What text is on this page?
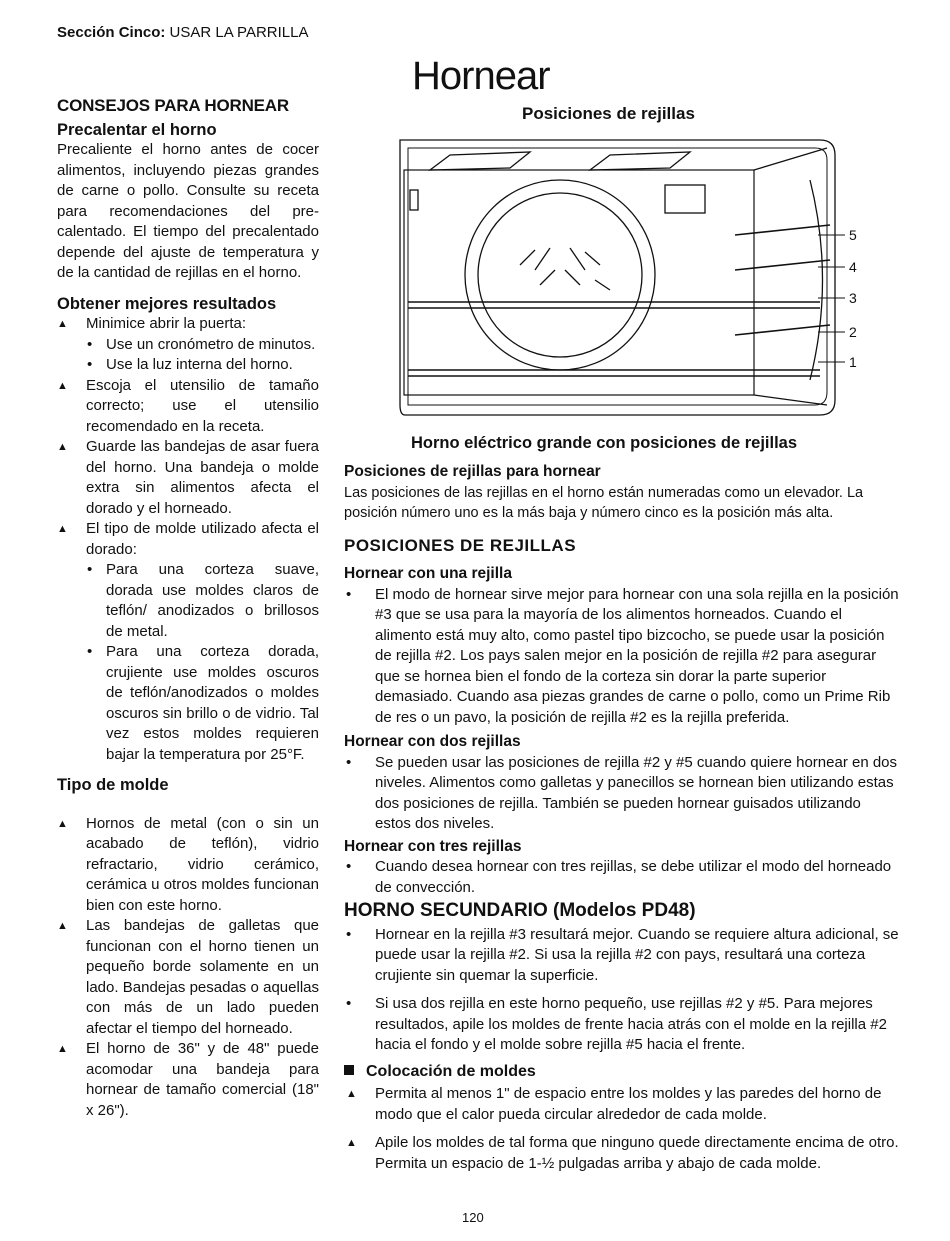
Sección Cinco: USAR LA PARRILLA
Hornear
CONSEJOS PARA HORNEAR
Precalentar el horno

Precaliente el horno antes de cocer alimentos, incluyendo piezas grandes de carne o pollo. Consulte su receta para recomendaciones del pre-calentado. El tiempo del precalentado depende del ajuste de temperatura y de la cantidad de rejillas en el horno.

Obtener mejores resultados

▲ Minimice abrir la puerta:

• Use un cronómetro de minutos.

• Use la luz interna del horno.

▲ Escoja el utensilio de tamaño correcto; use el utensilio recomendado en la receta.

▲ Guarde las bandejas de asar fuera del horno. Una bandeja o molde extra sin alimentos afecta el dorado y el horneado.

▲ El tipo de molde utilizado afecta el dorado:

• Para una corteza suave, dorada use moldes claros de teflón/ anodizados o brillosos de metal.

• Para una corteza dorada, crujiente use moldes oscuros de teflón/anodizados o moldes oscuros sin brillo o de vidrio. Tal vez estos moldes requieren bajar la temperatura por 25°F.

Tipo de molde

▲ Hornos de metal (con o sin un acabado de teflón), vidrio refractario, vidrio cerámico, cerámica u otros moldes funcionan bien con este horno.

▲ Las bandejas de galletas que funcionan con el horno tienen un pequeño borde solamente en un lado. Bandejas pesadas o aquellas con más de un lado pueden afectar el tiempo del horneado.

▲ El horno de 36" y de 48" puede acomodar una bandeja para hornear de tamaño comercial (18" x 26").

Posiciones de rejillas
5
4
3
2
1
Horno eléctrico grande con posiciones de rejillas
Posiciones de rejillas para hornear
Las posiciones de las rejillas en el horno están numeradas como un elevador. La posición número uno es la más baja y número cinco es la posición más alta.
POSICIONES DE REJILLAS
Hornear con una rejilla
• El modo de hornear sirve mejor para hornear con una sola rejilla en la posición #3 que se usa para la mayoría de los alimentos horneados. Cuando el alimento está muy alto, como pastel tipo bizcocho, se puede usar la posición de rejilla #2. Los pays salen mejor en la posición de rejilla #2 para asegurar que se hornea bien el fondo de la corteza sin dorar la parte superior demasiado. Cuando asa piezas grandes de carne o pollo, como un Prime Rib de res o un pavo, la posición de rejilla #2 es la rejilla preferida.
Hornear con dos rejillas
• Se pueden usar las posiciones de rejilla #2 y #5 cuando quiere hornear en dos niveles. Alimentos como galletas y panecillos se hornean bien utilizando estas dos posiciones de rejilla. También se pueden hornear guisados utilizando estos dos niveles.
Hornear con tres rejillas
• Cuando desea hornear con tres rejillas, se debe utilizar el modo del horneado de convección.
HORNO SECUNDARIO (Modelos PD48)
• Hornear en la rejilla #3 resultará mejor. Cuando se requiere altura adicional, se puede usar la rejilla #2. Si usa la rejilla #2 con pays, resultará una corteza crujiente sin quemar la superficie.
• Si usa dos rejilla en este horno pequeño, use rejillas #2 y #5. Para mejores resultados, apile los moldes de frente hacia atrás con el molde en la rejilla #2 hacia el fondo y el molde sobre rejilla #5 hacia el frente.
Colocación de moldes
▲ Permita al menos 1" de espacio entre los moldes y las paredes del horno de modo que el calor pueda circular alrededor de cada molde.
▲ Apile los moldes de tal forma que ninguno quede directamente encima de otro. Permita un espacio de 1-½ pulgadas arriba y abajo de cada molde.
120
